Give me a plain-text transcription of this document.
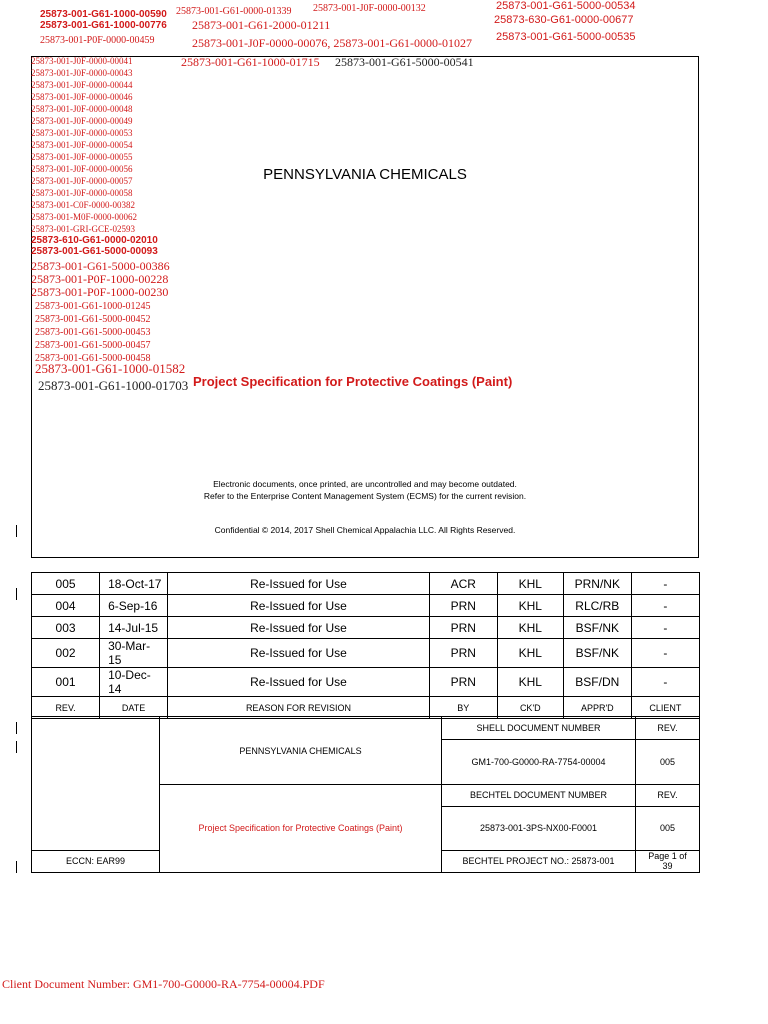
25873-001-G61-1000-00590
25873-001-G61-1000-00776
25873-001-P0F-0000-00459
25873-001-G61-0000-01339 25873-001-J0F-0000-00132
25873-001-G61-2000-01211
25873-001-J0F-0000-00076, 25873-001-G61-0000-01027
25873-001-G61-5000-00534
25873-630-G61-0000-00677
25873-001-G61-5000-00535
25873-001-G61-1000-01715 25873-001-G61-5000-00541
25873-001-J0F-0000-00041
25873-001-J0F-0000-00043
25873-001-J0F-0000-00044
25873-001-J0F-0000-00046
25873-001-J0F-0000-00048
25873-001-J0F-0000-00049
25873-001-J0F-0000-00053
25873-001-J0F-0000-00054
25873-001-J0F-0000-00055
25873-001-J0F-0000-00056
25873-001-J0F-0000-00057
25873-001-J0F-0000-00058
25873-001-C0F-0000-00382
25873-001-M0F-0000-00062
25873-001-GRI-GCE-02593
25873-610-G61-0000-02010
25873-001-G61-5000-00093
25873-001-G61-5000-00386
25873-001-P0F-1000-00228
25873-001-P0F-1000-00230
25873-001-G61-1000-01245
25873-001-G61-5000-00452
25873-001-G61-5000-00453
25873-001-G61-5000-00457
25873-001-G61-5000-00458
25873-001-G61-1000-01582
25873-001-G61-1000-01703
PENNSYLVANIA CHEMICALS
Project Specification for Protective Coatings (Paint)
Electronic documents, once printed, are uncontrolled and may become outdated.
Refer to the Enterprise Content Management System (ECMS) for the current revision.
Confidential © 2014, 2017 Shell Chemical Appalachia LLC. All Rights Reserved.
005	18-Oct-17	Re-Issued for Use	ACR	KHL	PRN/NK	-
004	6-Sep-16	Re-Issued for Use	PRN	KHL	RLC/RB	-
003	14-Jul-15	Re-Issued for Use	PRN	KHL	BSF/NK	-
002	30-Mar-15	Re-Issued for Use	PRN	KHL	BSF/NK	-
001	10-Dec-14	Re-Issued for Use	PRN	KHL	BSF/DN	-
REV.	DATE	REASON FOR REVISION	BY	CK'D	APPR'D	CLIENT
PENNSYLVANIA CHEMICALS
Project Specification for Protective Coatings (Paint)
SHELL DOCUMENT NUMBER	REV.
GM1-700-G0000-RA-7754-00004	005
BECHTEL DOCUMENT NUMBER	REV.
25873-001-3PS-NX00-F0001	005
ECCN: EAR99	BECHTEL PROJECT NO.: 25873-001	Page 1 of
39
Client Document Number: GM1-700-G0000-RA-7754-00004.PDF
